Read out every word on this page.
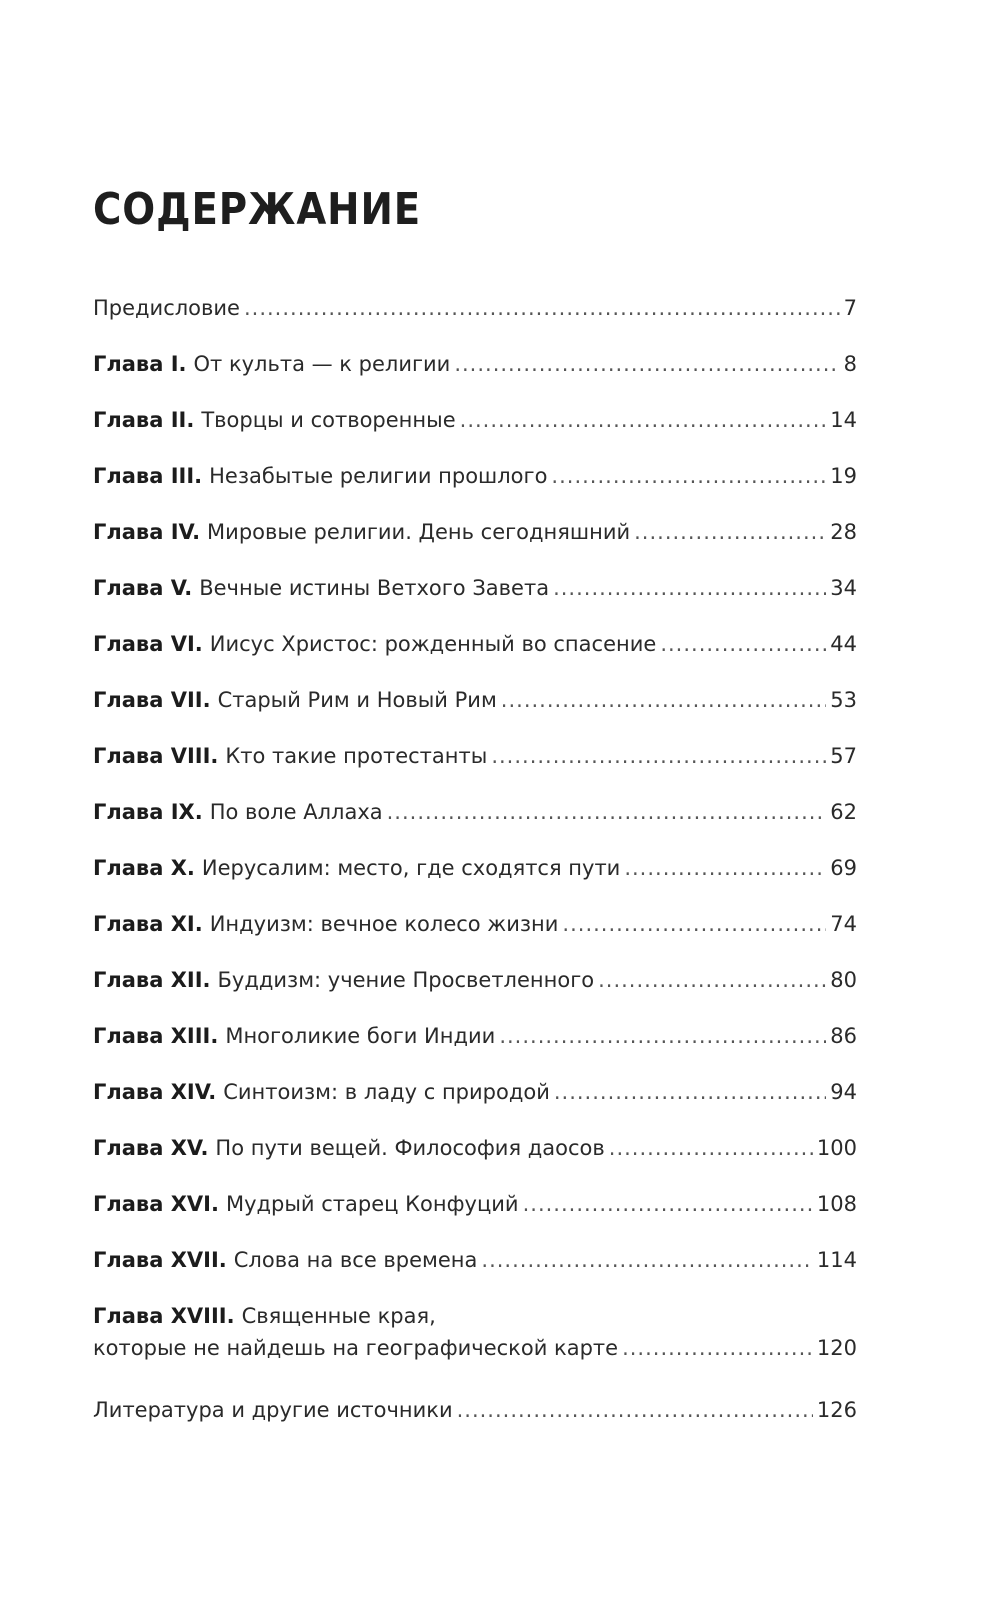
СОДЕРЖАНИЕ
Предисловие .....	7
Глава I. От культа — к религии .....	8
Глава II. Творцы и сотворенные .....	14
Глава III. Незабытые религии прошлого .....	19
Глава IV. Мировые религии. День сегодняшний .....	28
Глава V. Вечные истины Ветхого Завета .....	34
Глава VI. Иисус Христос: рожденный во спасение .....	44
Глава VII. Старый Рим и Новый Рим .....	53
Глава VIII. Кто такие протестанты .....	57
Глава IX. По воле Аллаха .....	62
Глава X. Иерусалим: место, где сходятся пути .....	69
Глава XI. Индуизм: вечное колесо жизни .....	74
Глава XII. Буддизм: учение Просветленного .....	80
Глава XIII. Многоликие боги Индии .....	86
Глава XIV. Синтоизм: в ладу с природой .....	94
Глава XV. По пути вещей. Философия даосов .....	100
Глава XVI. Мудрый старец Конфуций .....	108
Глава XVII. Слова на все времена .....	114
Глава XVIII. Священные края,
которые не найдешь на географической карте .....	120
Литература и другие источники .....	126
